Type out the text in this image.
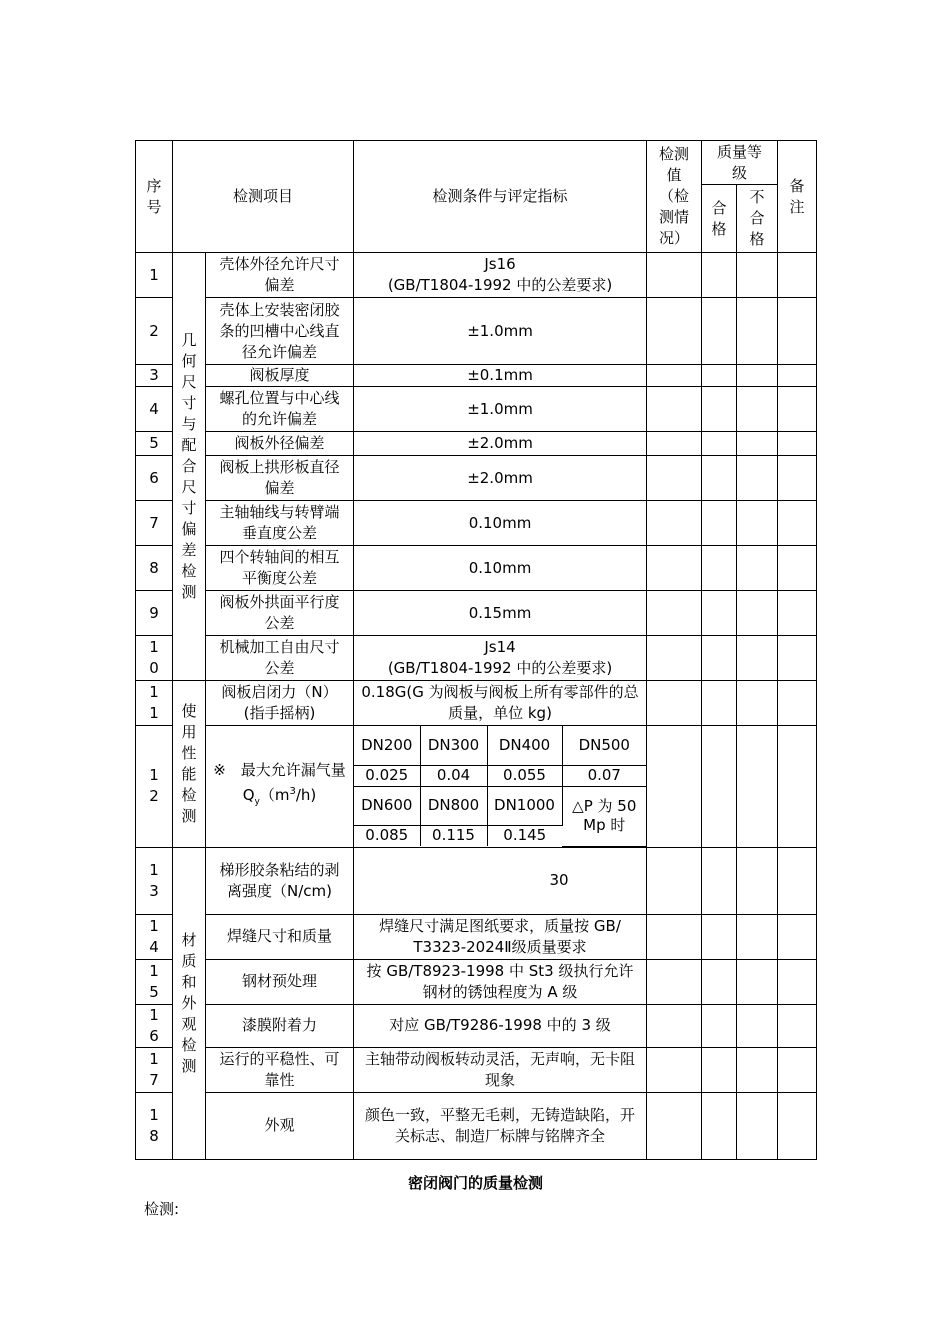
序号	检测项目	检测条件与评定指标	检测值（检测情况）	质量等级	备注
合格	不合格
1	几何尺寸与配合尺寸偏差检测	壳体外径允许尺寸偏差	Js16
(GB/T1804-1992 中的公差要求)				
2	壳体上安装密闭胶条的凹槽中心线直径允许偏差	±1.0mm				
3	阀板厚度	±0.1mm				
4	螺孔位置与中心线的允许偏差	±1.0mm				
5	阀板外径偏差	±2.0mm				
6	阀板上拱形板直径偏差	±2.0mm				
7	主轴轴线与转臂端垂直度公差	0.10mm				
8	四个转轴间的相互平衡度公差	0.10mm				
9	阀板外拱面平行度公差	0.15mm				
10	机械加工自由尺寸公差	Js14
(GB/T1804-1992 中的公差要求)				
11	使用性能检测	阀板启闭力（N）
(指手摇柄)	0.18G(G 为阀板与阀板上所有零部件的总质量，单位 kg)				
12	※　最大允许漏气量
$Q_y(m^3/h)$	
DN200	DN300	DN400	DN500
0.025	0.04	0.055	0.07
DN600	DN800	DN1000	△P 为 50Mp 时
0.085	0.115	0.145

13	材质和外观检测	梯形胶条粘结的剥离强度（N/cm)	30				
14	焊缝尺寸和质量	焊缝尺寸满足图纸要求，质量按 GB/T3323-2024Ⅱ级质量要求				
15	钢材预处理	按 GB/T8923-1998 中 St3 级执行允许钢材的锈蚀程度为 A 级				
16	漆膜附着力	对应 GB/T9286-1998 中的 3 级				
17	运行的平稳性、可靠性	主轴带动阀板转动灵活，无声响，无卡阻现象				
18	外观	颜色一致，平整无毛刺，无铸造缺陷，开关标志、制造厂标牌与铭牌齐全				
密闭阀门的质量检测
检测:
